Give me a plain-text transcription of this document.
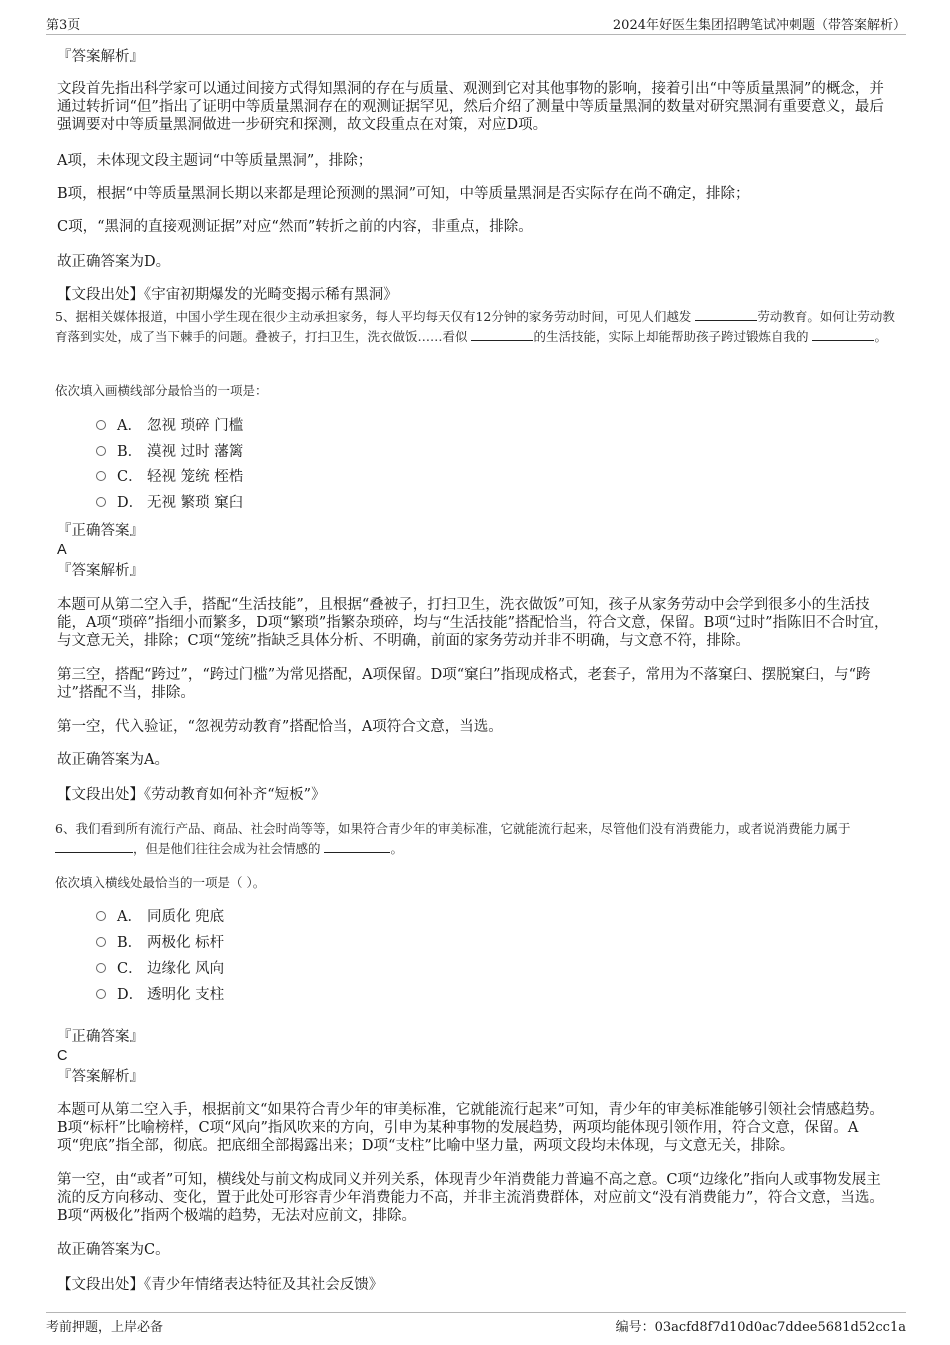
第3页	2024年好医生集团招聘笔试冲刺题（带答案解析）
『答案解析』

文段首先指出科学家可以通过间接方式得知黑洞的存在与质量、观测到它对其他事物的影响，接着引出“中等质量黑洞”的概念，并通过转折词“但”指出了证明中等质量黑洞存在的观测证据罕见，然后介绍了测量中等质量黑洞的数量对研究黑洞有重要意义，最后强调要对中等质量黑洞做进一步研究和探测，故文段重点在对策，对应D项。

A项，未体现文段主题词“中等质量黑洞”，排除；

B项，根据“中等质量黑洞长期以来都是理论预测的黑洞”可知，中等质量黑洞是否实际存在尚不确定，排除；

C项，“黑洞的直接观测证据”对应“然而”转折之前的内容，非重点，排除。

故正确答案为D。

【文段出处】《宇宙初期爆发的光畸变揭示稀有黑洞》

5、据相关媒体报道，中国小学生现在很少主动承担家务，每人平均每天仅有12分钟的家务劳动时间，可见人们越发	劳动教育。如何让劳动教育落到实处，成了当下棘手的问题。叠被子，打扫卫生，洗衣做饭……看似	的生活技能，实际上却能帮助孩子跨过锻炼自我的	。

依次填入画横线部分最恰当的一项是：
A． 忽视 琐碎 门槛
B． 漠视 过时 藩篱
C． 轻视 笼统 桎梏
D． 无视 繁琐 窠臼
『正确答案』
A
『答案解析』

本题可从第二空入手，搭配“生活技能”，且根据“叠被子，打扫卫生，洗衣做饭”可知，孩子从家务劳动中会学到很多小的生活技能，A项“琐碎”指细小而繁多，D项“繁琐”指繁杂琐碎，均与“生活技能”搭配恰当，符合文意，保留。B项“过时”指陈旧不合时宜，与文意无关，排除；C项“笼统”指缺乏具体分析、不明确，前面的家务劳动并非不明确，与文意不符，排除。

第三空，搭配“跨过”，“跨过门槛”为常见搭配，A项保留。D项“窠臼”指现成格式，老套子，常用为不落窠臼、摆脱窠臼，与“跨过”搭配不当，排除。

第一空，代入验证，“忽视劳动教育”搭配恰当，A项符合文意，当选。

故正确答案为A。

【文段出处】《劳动教育如何补齐“短板”》

6、我们看到所有流行产品、商品、社会时尚等等，如果符合青少年的审美标准，它就能流行起来，尽管他们没有消费能力，或者说消费能力属于 ，但是他们往往会成为社会情感的	。

依次填入横线处最恰当的一项是（ ）。
A． 同质化 兜底
B． 两极化 标杆
C． 边缘化 风向
D． 透明化 支柱
『正确答案』
C
『答案解析』

本题可从第二空入手，根据前文“如果符合青少年的审美标准，它就能流行起来”可知，青少年的审美标准能够引领社会情感趋势。B项“标杆”比喻榜样，C项“风向”指风吹来的方向，引申为某种事物的发展趋势，两项均能体现引领作用，符合文意，保留。A项“兜底”指全部，彻底。把底细全部揭露出来；D项“支柱”比喻中坚力量，两项文段均未体现，与文意无关，排除。

第一空，由“或者”可知，横线处与前文构成同义并列关系，体现青少年消费能力普遍不高之意。C项“边缘化”指向人或事物发展主流的反方向移动、变化，置于此处可形容青少年消费能力不高，并非主流消费群体，对应前文“没有消费能力”，符合文意，当选。B项“两极化”指两个极端的趋势，无法对应前文，排除。

故正确答案为C。

【文段出处】《青少年情绪表达特征及其社会反馈》
考前押题，上岸必备	编号：03acfd8f7d10d0ac7ddee5681d52cc1a
